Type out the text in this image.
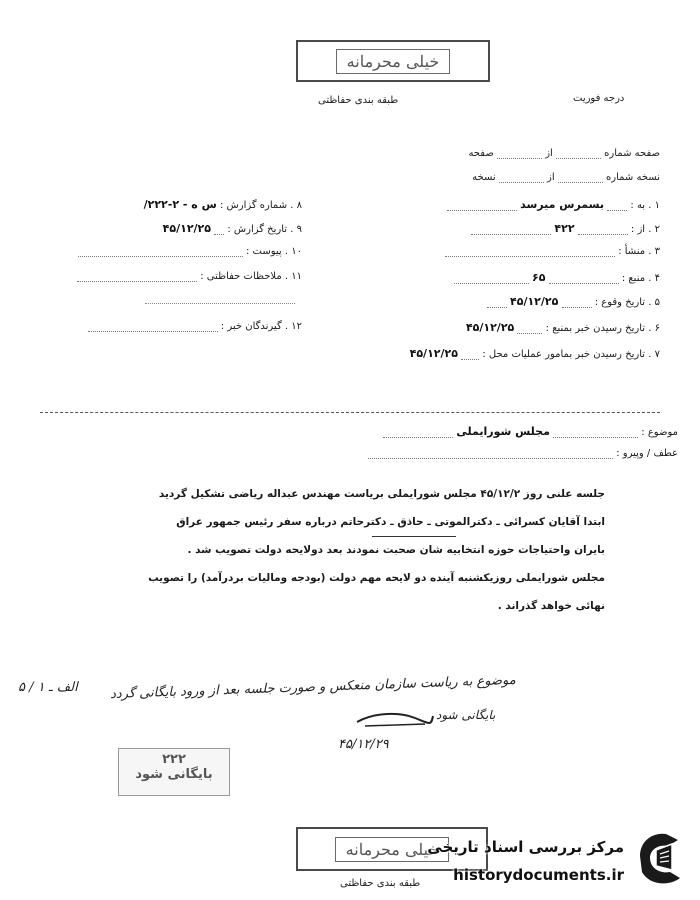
خیلی محرمانه
طبقه بندی حفاظتی	درجه فوریت
صفحه شماره  از  صفحه
نسخه شماره  از  نسخه
۱ . به :  بسمرس میرسد
۲ . از :  ۴۲۲
۳ . منشأ :
۴ . منبع :  ۶۵
۵ . تاریخ وقوع :  ۴۵/۱۲/۲۵
۶ . تاریخ رسیدن خبر بمنبع :  ۴۵/۱۲/۲۵
۷ . تاریخ رسیدن خبر بمامور عملیات محل :  ۴۵/۱۲/۲۵
۸ . شماره گزارش : س ه - ۲-۲۲۲/
۹ . تاریخ گزارش :  ۴۵/۱۲/۲۵
۱۰ . پیوست :
۱۱ . ملاحظات حفاظتی :
۱۲ . گیرندگان خبر :
موضوع :  مجلس شورایملی
عطف / وپیرو :
جلسه علنی روز ۴۵/۱۲/۲ مجلس شورایملی بریاست مهندس عبداله ریاضی تشکیل گردید
ابتدا آقایان کسرائی ـ دکترالموتی ـ حاذق ـ دکترحاتم درباره سفر رئیس جمهور عراق
بایران واحتیاجات حوزه انتخابیه شان صحبت نمودند بعد دولایحه دولت تصویب شد .
مجلس شورایملی روزیکشنبه آینده دو لایحه مهم دولت (بودجه ومالیات بردرآمد) را تصویب
نهائی خواهد گذراند .
موضوع به ریاست سازمان منعکس و صورت جلسه بعد از ورود بایگانی گردد
الف ـ ۱ / ۵
بایگانی شود
۴۵/۱۲/۲۹
۲۲۲
بایگانی شود
خیلی محرمانه
طبقه بندی حفاظتی
مرکز بررسی اسناد تاریخی
historydocuments.ir
